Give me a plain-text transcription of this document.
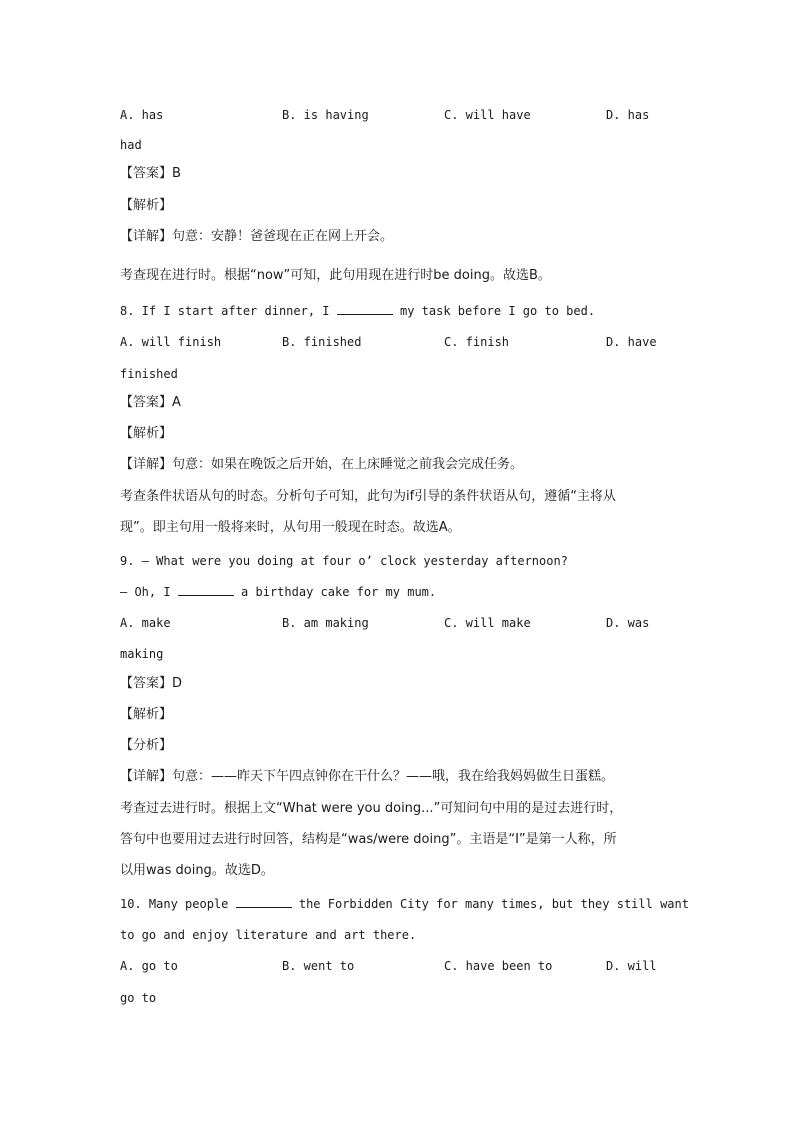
A. has	B. is having	C. will have	D. has
had
【答案】B
【解析】
【详解】句意：安静！爸爸现在正在网上开会。
考查现在进行时。根据“now”可知，此句用现在进行时be doing。故选B。
8. If I start after dinner, I	my task before I go to bed.
A. will finish	B. finished	C. finish	D. have
finished
【答案】A
【解析】
【详解】句意：如果在晚饭之后开始，在上床睡觉之前我会完成任务。
考查条件状语从句的时态。分析句子可知，此句为if引导的条件状语从句，遵循“主将从
现”。即主句用一般将来时，从句用一般现在时态。故选A。
9. — What were you doing at four o’ clock yesterday afternoon?
— Oh, I	a birthday cake for my mum.
A. make	B. am making	C. will make	D. was
making
【答案】D
【解析】
【分析】
【详解】句意：——昨天下午四点钟你在干什么？——哦，我在给我妈妈做生日蛋糕。
考查过去进行时。根据上文“What were you doing...”可知问句中用的是过去进行时，
答句中也要用过去进行时回答，结构是“was/were doing”。主语是“I”是第一人称，所
以用was doing。故选D。
10. Many people	the Forbidden City for many times, but they still want
to go and enjoy literature and art there.
A. go to	B. went to	C. have been to	D. will
go to
